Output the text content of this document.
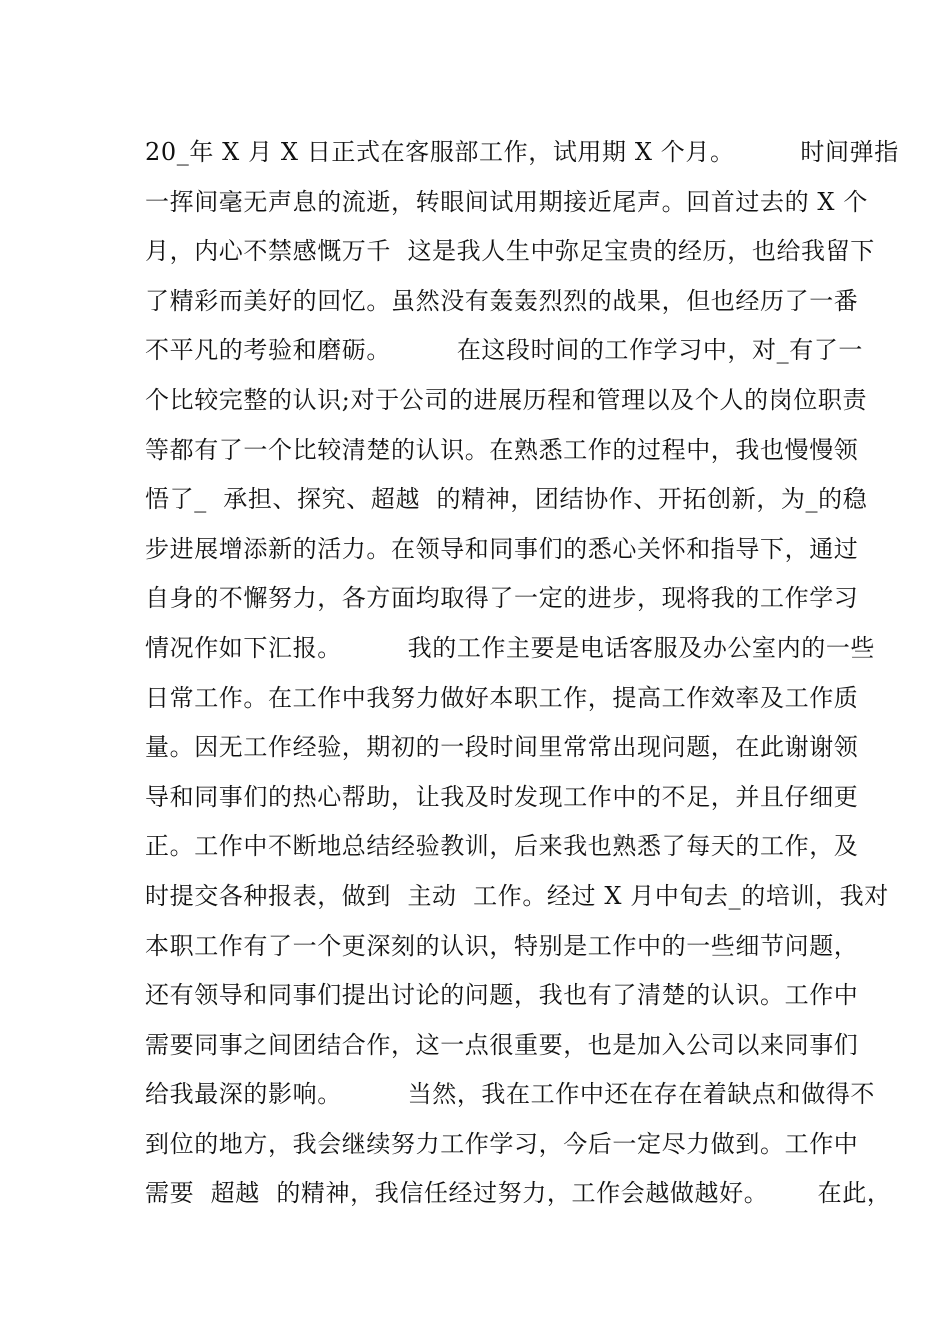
20_年 X 月 X 日正式在客服部工作，试用期 X 个月。        时间弹指
一挥间毫无声息的流逝，转眼间试用期接近尾声。回首过去的 X 个
月，内心不禁感慨万千  这是我人生中弥足宝贵的经历，也给我留下
了精彩而美好的回忆。虽然没有轰轰烈烈的战果，但也经历了一番
不平凡的考验和磨砺。        在这段时间的工作学习中，对_有了一
个比较完整的认识;对于公司的进展历程和管理以及个人的岗位职责
等都有了一个比较清楚的认识。在熟悉工作的过程中，我也慢慢领
悟了_  承担、探究、超越  的精神，团结协作、开拓创新，为_的稳
步进展增添新的活力。在领导和同事们的悉心关怀和指导下，通过
自身的不懈努力，各方面均取得了一定的进步，现将我的工作学习
情况作如下汇报。        我的工作主要是电话客服及办公室内的一些
日常工作。在工作中我努力做好本职工作，提高工作效率及工作质
量。因无工作经验，期初的一段时间里常常出现问题，在此谢谢领
导和同事们的热心帮助，让我及时发现工作中的不足，并且仔细更
正。工作中不断地总结经验教训，后来我也熟悉了每天的工作，及
时提交各种报表，做到  主动  工作。经过 X 月中旬去_的培训，我对
本职工作有了一个更深刻的认识，特别是工作中的一些细节问题，
还有领导和同事们提出讨论的问题，我也有了清楚的认识。工作中
需要同事之间团结合作，这一点很重要，也是加入公司以来同事们
给我最深的影响。        当然，我在工作中还在存在着缺点和做得不
到位的地方，我会继续努力工作学习，今后一定尽力做到。工作中
需要  超越  的精神，我信任经过努力，工作会越做越好。      在此，
